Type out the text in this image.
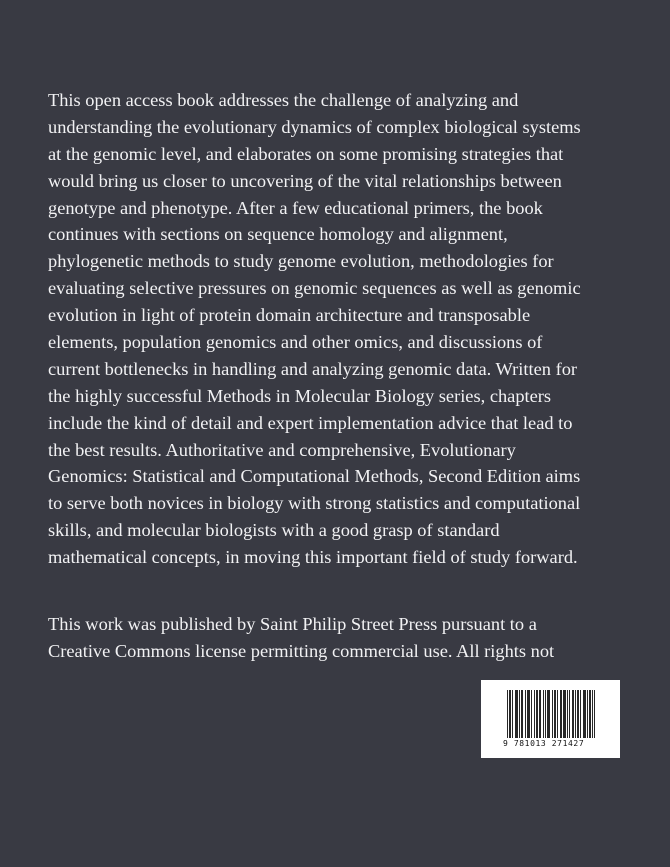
This open access book addresses the challenge of analyzing and
understanding the evolutionary dynamics of complex biological systems
at the genomic level, and elaborates on some promising strategies that
would bring us closer to uncovering of the vital relationships between
genotype and phenotype. After a few educational primers, the book
continues with sections on sequence homology and alignment,
phylogenetic methods to study genome evolution, methodologies for
evaluating selective pressures on genomic sequences as well as genomic
evolution in light of protein domain architecture and transposable
elements, population genomics and other omics, and discussions of
current bottlenecks in handling and analyzing genomic data. Written for
the highly successful Methods in Molecular Biology series, chapters
include the kind of detail and expert implementation advice that lead to
the best results. Authoritative and comprehensive, Evolutionary
Genomics: Statistical and Computational Methods, Second Edition aims
to serve both novices in biology with strong statistics and computational
skills, and molecular biologists with a good grasp of standard
mathematical concepts, in moving this important field of study forward.
This work was published by Saint Philip Street Press pursuant to a
Creative Commons license permitting commercial use. All rights not
9 781013 271427
